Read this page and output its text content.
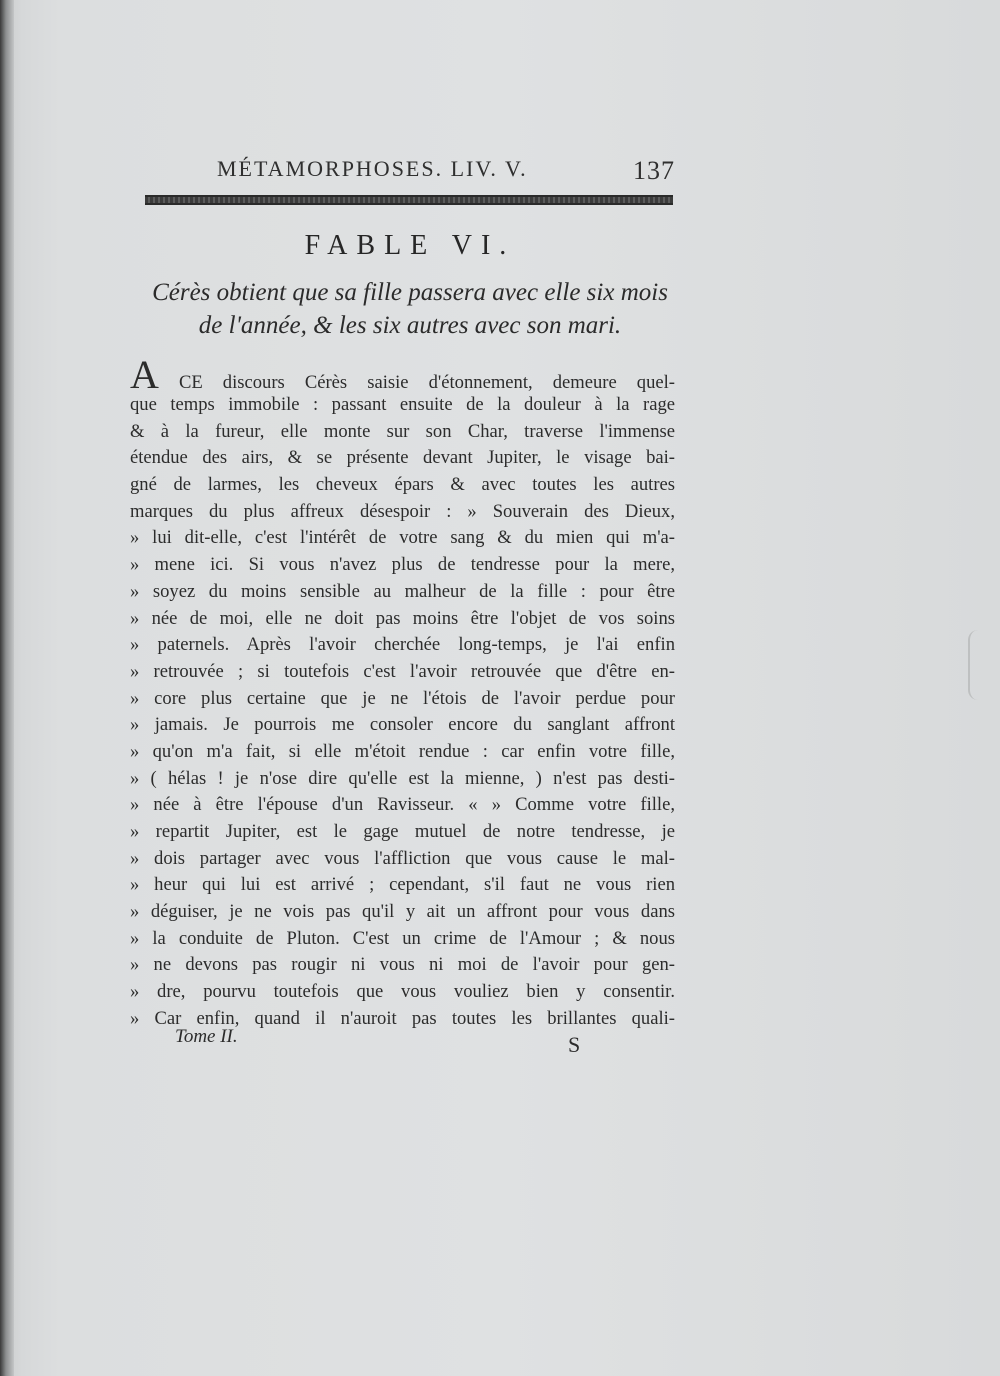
MÉTAMORPHOSES. LIV. V.	137
FABLE VI.
Cérès obtient que sa fille passera avec elle six mois
de l'année, & les six autres avec son mari.
A CE discours Cérès saisie d'étonnement, demeure quel-
que temps immobile : passant ensuite de la douleur à la rage
& à la fureur, elle monte sur son Char, traverse l'immense
étendue des airs, & se présente devant Jupiter, le visage bai-
gné de larmes, les cheveux épars & avec toutes les autres
marques du plus affreux désespoir : » Souverain des Dieux,
» lui dit-elle, c'est l'intérêt de votre sang & du mien qui m'a-
» mene ici. Si vous n'avez plus de tendresse pour la mere,
» soyez du moins sensible au malheur de la fille : pour être
» née de moi, elle ne doit pas moins être l'objet de vos soins
» paternels. Après l'avoir cherchée long-temps, je l'ai enfin
» retrouvée ; si toutefois c'est l'avoir retrouvée que d'être en-
» core plus certaine que je ne l'étois de l'avoir perdue pour
» jamais. Je pourrois me consoler encore du sanglant affront
» qu'on m'a fait, si elle m'étoit rendue : car enfin votre fille,
» ( hélas ! je n'ose dire qu'elle est la mienne, ) n'est pas desti-
» née à être l'épouse d'un Ravisseur. « » Comme votre fille,
» repartit Jupiter, est le gage mutuel de notre tendresse, je
» dois partager avec vous l'affliction que vous cause le mal-
» heur qui lui est arrivé ; cependant, s'il faut ne vous rien
» déguiser, je ne vois pas qu'il y ait un affront pour vous dans
» la conduite de Pluton. C'est un crime de l'Amour ; & nous
» ne devons pas rougir ni vous ni moi de l'avoir pour gen-
» dre, pourvu toutefois que vous vouliez bien y consentir.
» Car enfin, quand il n'auroit pas toutes les brillantes quali-
Tome II.	S
